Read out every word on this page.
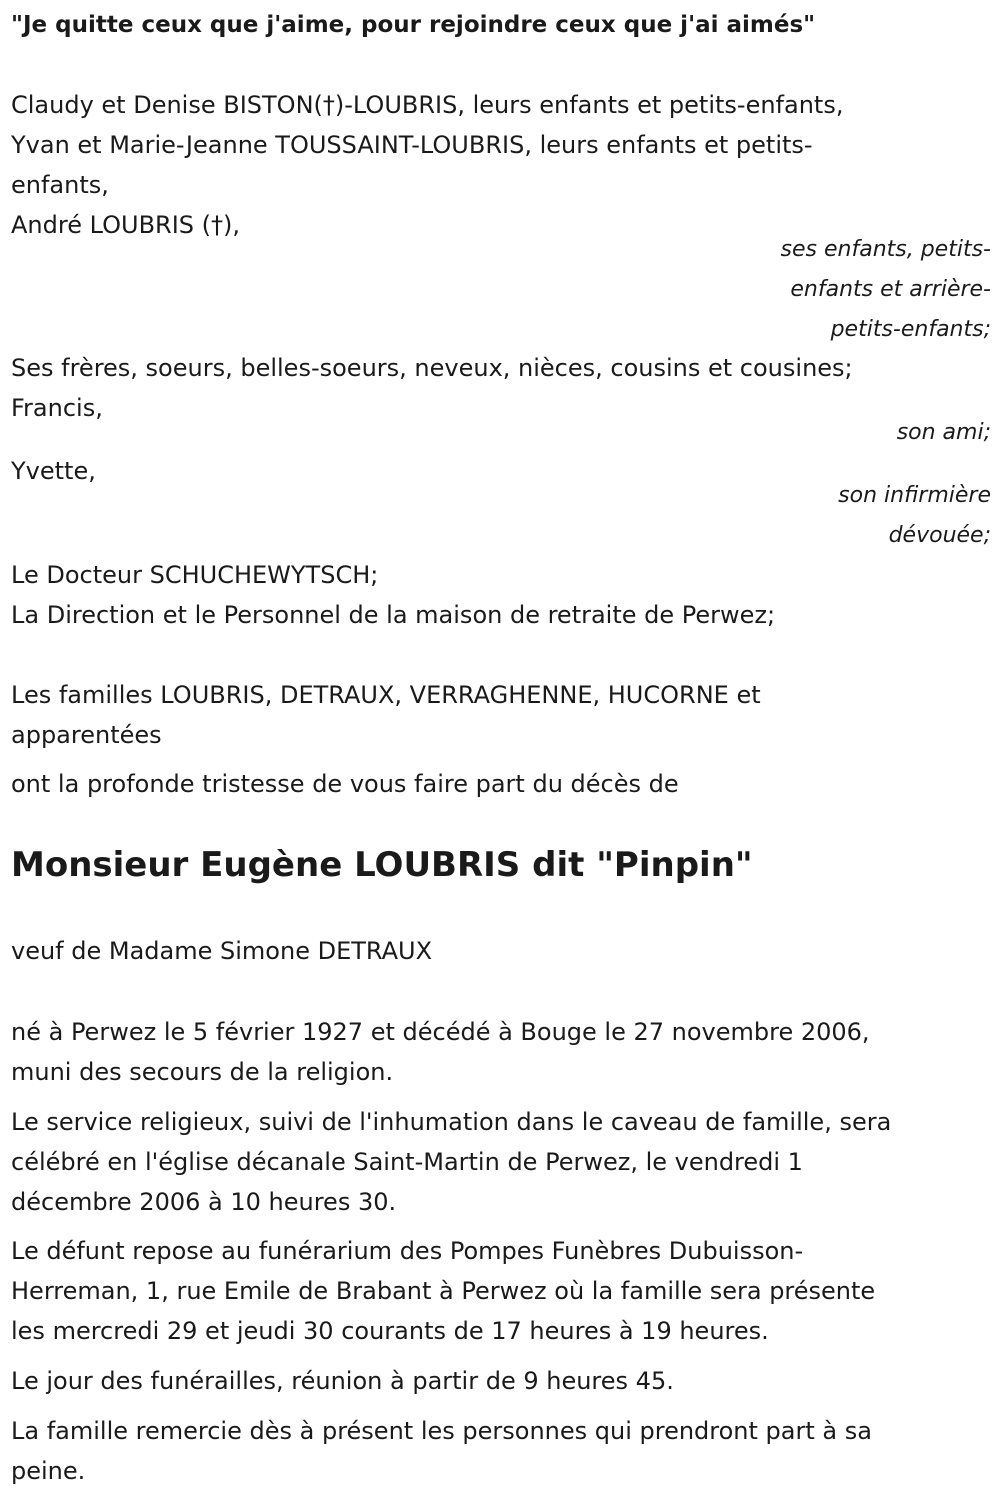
"Je quitte ceux que j'aime, pour rejoindre ceux que j'ai aimés"
Claudy et Denise BISTON(†)-LOUBRIS, leurs enfants et petits-enfants,
Yvan et Marie-Jeanne TOUSSAINT-LOUBRIS, leurs enfants et petits-
enfants,
André LOUBRIS (†),
ses enfants, petits-
enfants et arrière-
petits-enfants;
Ses frères, soeurs, belles-soeurs, neveux, nièces, cousins et cousines;
Francis,
son ami;
Yvette,
son infirmière
dévouée;
Le Docteur SCHUCHEWYTSCH;
La Direction et le Personnel de la maison de retraite de Perwez;
Les familles LOUBRIS, DETRAUX, VERRAGHENNE, HUCORNE et
apparentées
ont la profonde tristesse de vous faire part du décès de
Monsieur Eugène LOUBRIS dit "Pinpin"
veuf de Madame Simone DETRAUX
né à Perwez le 5 février 1927 et décédé à Bouge le 27 novembre 2006,
muni des secours de la religion.
Le service religieux, suivi de l'inhumation dans le caveau de famille, sera
célébré en l'église décanale Saint-Martin de Perwez, le vendredi 1
décembre 2006 à 10 heures 30.
Le défunt repose au funérarium des Pompes Funèbres Dubuisson-
Herreman, 1, rue Emile de Brabant à Perwez où la famille sera présente
les mercredi 29 et jeudi 30 courants de 17 heures à 19 heures.
Le jour des funérailles, réunion à partir de 9 heures 45.
La famille remercie dès à présent les personnes qui prendront part à sa
peine.
